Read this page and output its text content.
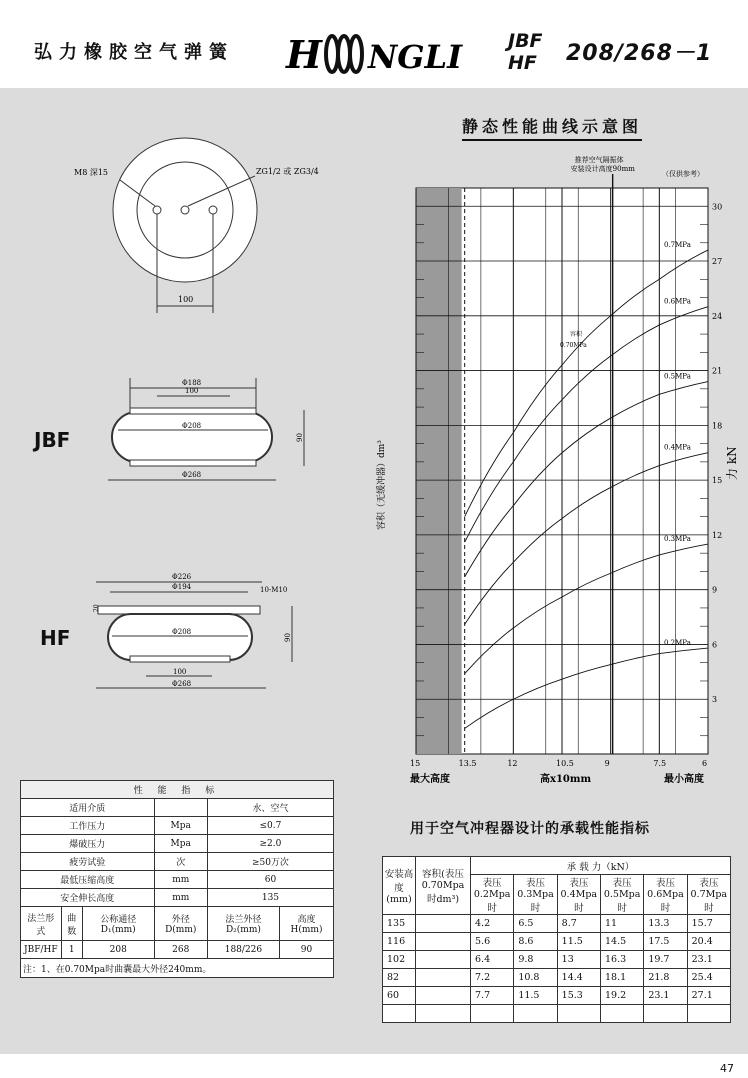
弘力橡胶空气弹簧 H NGLI JBF
HF 208/268－1
M8 深15	ZG1/2 或 ZG3/4
100
Φ188
100
Φ208
Φ268
90
Φ226
Φ194	10-M10
Φ208
100
Φ268
90
20
JBF
HF
静态性能曲线示意图
3
6
9
12
15
18
21
24
27
30
15	13.5	12	10.5	9	7.5	6
0.2MPa
0.3MPa
0.4MPa
0.5MPa
0.6MPa
0.7MPa
推荐空气隔振体
安装设计高度90mm
（仅供参考）
容积
0.70MPa
容积（无缓冲器）dm³	力 kN
高x10mm
最大高度	最小高度
性 能 指 标					
适用介质				水、空气	
工作压力			Mpa	≤0.7	
爆破压力			Mpa	≥2.0	
疲劳试验			次	≥50万次	
最低压缩高度			mm	60	
安全伸长高度			mm	135	
法兰形式	曲数	公称通径 D₁(mm)	外径 D(mm)	法兰外径 D₂(mm)	高度 H(mm)
JBF/HF	1	208	268	188/226	90
注：1、在0.70Mpa时曲囊最大外径240mm。					
用于空气冲程器设计的承载性能指标
安装高度(mm)	容积(表压0.70Mpa时dm³)	承 载 力（kN）					
		表压0.2Mpa时	表压0.3Mpa时	表压0.4Mpa时	表压0.5Mpa时	表压0.6Mpa时	表压0.7Mpa时
135		4.2	6.5	8.7	11	13.3	15.7
116		5.6	8.6	11.5	14.5	17.5	20.4
102		6.4	9.8	13	16.3	19.7	23.1
82		7.2	10.8	14.4	18.1	21.8	25.4
60		7.7	11.5	15.3	19.2	23.1	27.1

47
